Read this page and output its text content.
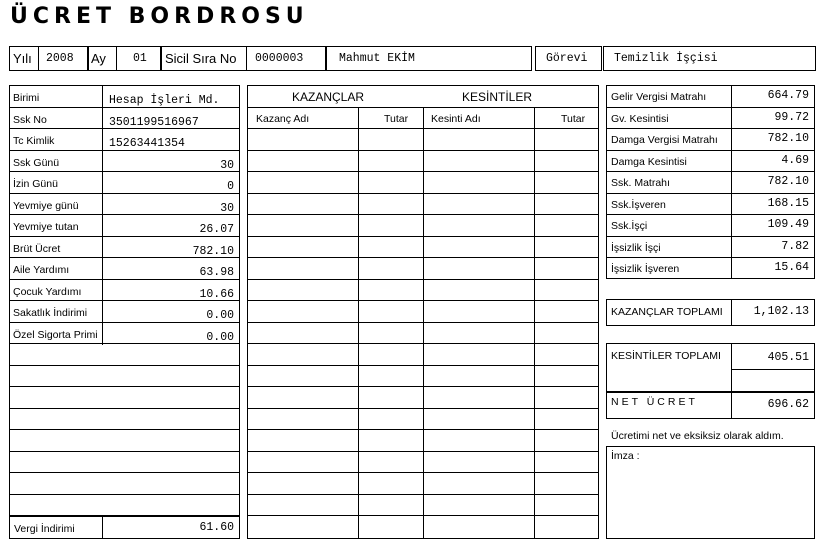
ÜCRET BORDROSU
Yılı 2008 Ay 01 Sicil Sıra No 0000003	Mahmut EKİM	Görevi Temizlik İşçisi
Birimi	Hesap İşleri Md.
Ssk No	3501199516967
Tc Kimlik	15263441354
Ssk Günü	30
İzin Günü	0
Yevmiye günü	30
Yevmiye tutan	26.07
Brüt Ücret	782.10
Aile Yardımı	63.98
Çocuk Yardımı	10.66
Sakatlık İndirimi	0.00
Özel Sigorta Primi	0.00
Vergi İndirimi	61.60
KAZANÇLAR	KESİNTİLER
Kazanç Adı	Tutar Kesinti Adı	Tutar
Gelir Vergisi Matrahı	664.79
Gv. Kesintisi	99.72
Damga Vergisi Matrahı	782.10
Damga Kesintisi	4.69
Ssk. Matrahı	782.10
Ssk.İşveren	168.15
Ssk.İşçi	109.49
İşsizlik İşçi	7.82
İşsizlik İşveren	15.64
KAZANÇLAR TOPLAMI	1,102.13
KESİNTİLER TOPLAMI	405.51
NET ÜCRET	696.62
Ücretimi net ve eksiksiz olarak aldım.
İmza :
